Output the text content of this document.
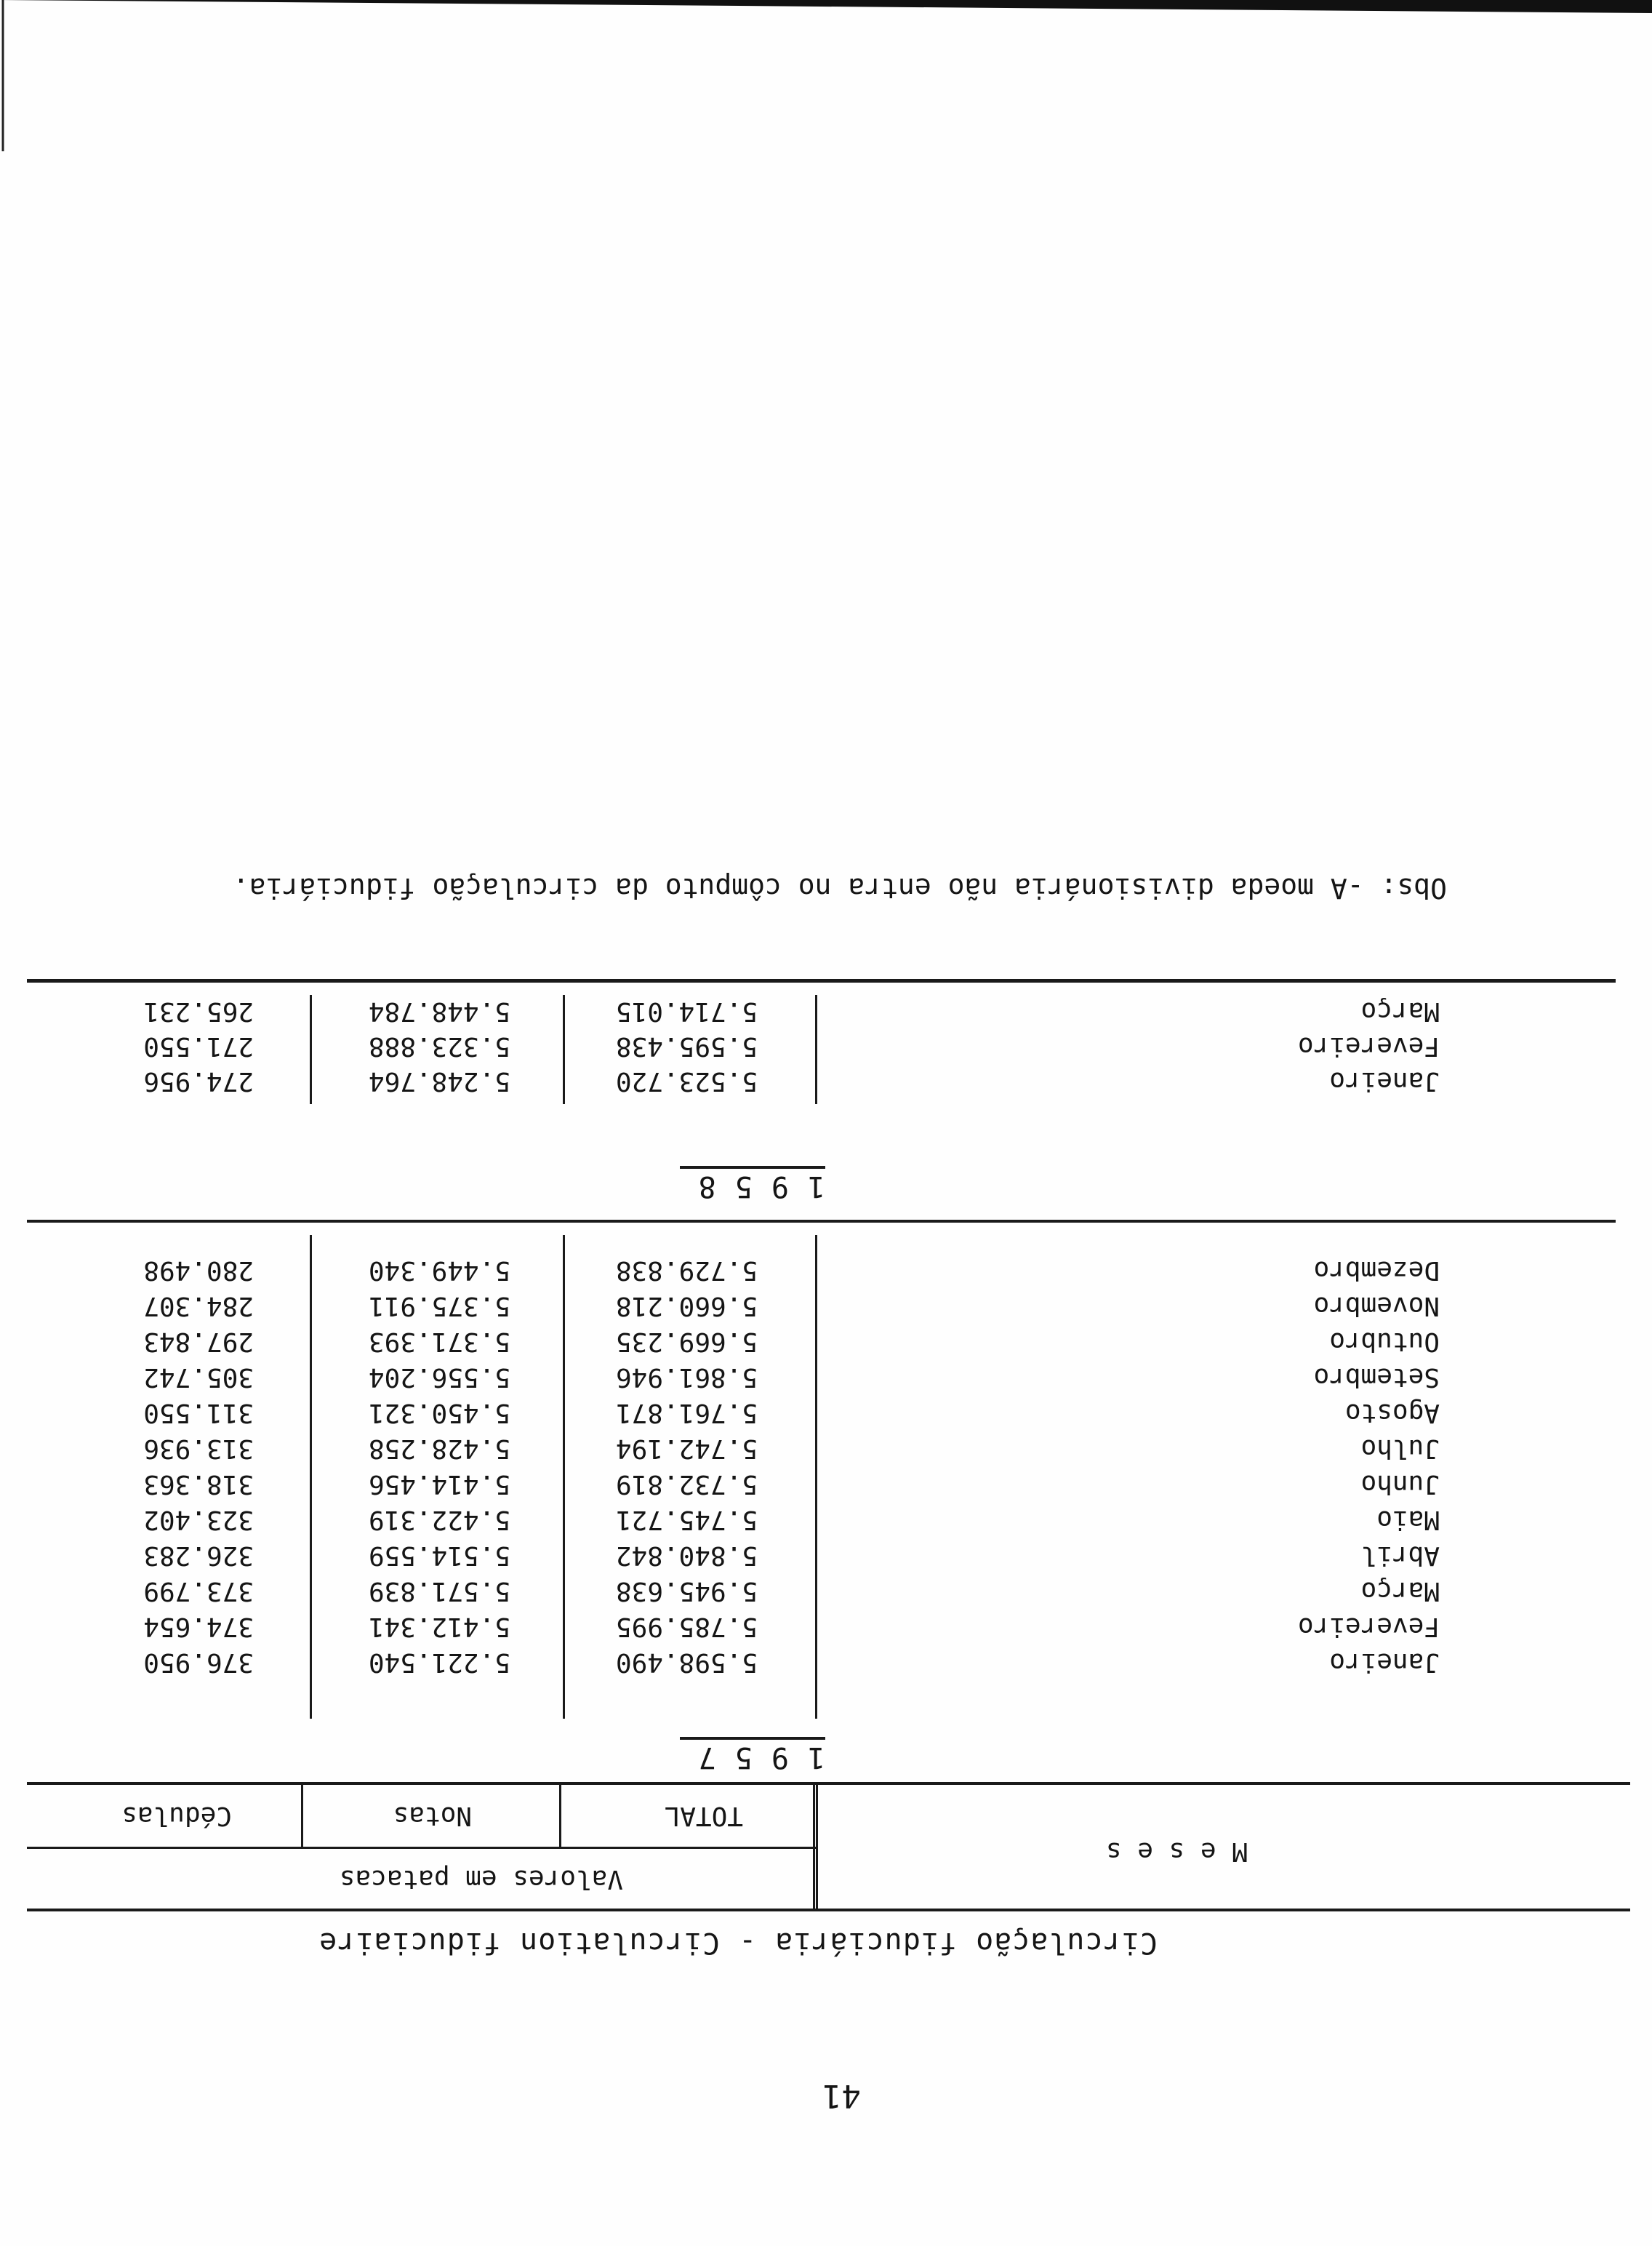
41
Circulação fiduciária - Circulation fiduciaire
M e s e s
Valores em patacas
TOTAL
Notas
Cédulas
1957
Janeiro
5.598.490
5.221.540
376.950
Fevereiro
5.785.995
5.412.341
374.654
Março
5.945.638
5.571.839
373.799
Abril
5.840.842
5.514.559
326.283
Maio
5.745.721
5.422.319
323.402
Junho
5.732.819
5.414.456
318.363
Julho
5.742.194
5.428.258
313.936
Agosto
5.761.871
5.450.321
311.550
Setembro
5.861.946
5.556.204
305.742
Outubro
5.669.235
5.371.393
297.843
Novembro
5.660.218
5.375.911
284.307
Dezembro
5.729.838
5.449.340
280.498
1958
Janeiro
5.523.720
5.248.764
274.956
Fevereiro
5.595.438
5.323.888
271.550
Março
5.714.015
5.448.784
265.231
Obs: -A moeda divisionária não entra no cômputo da circulação fiduciária.
